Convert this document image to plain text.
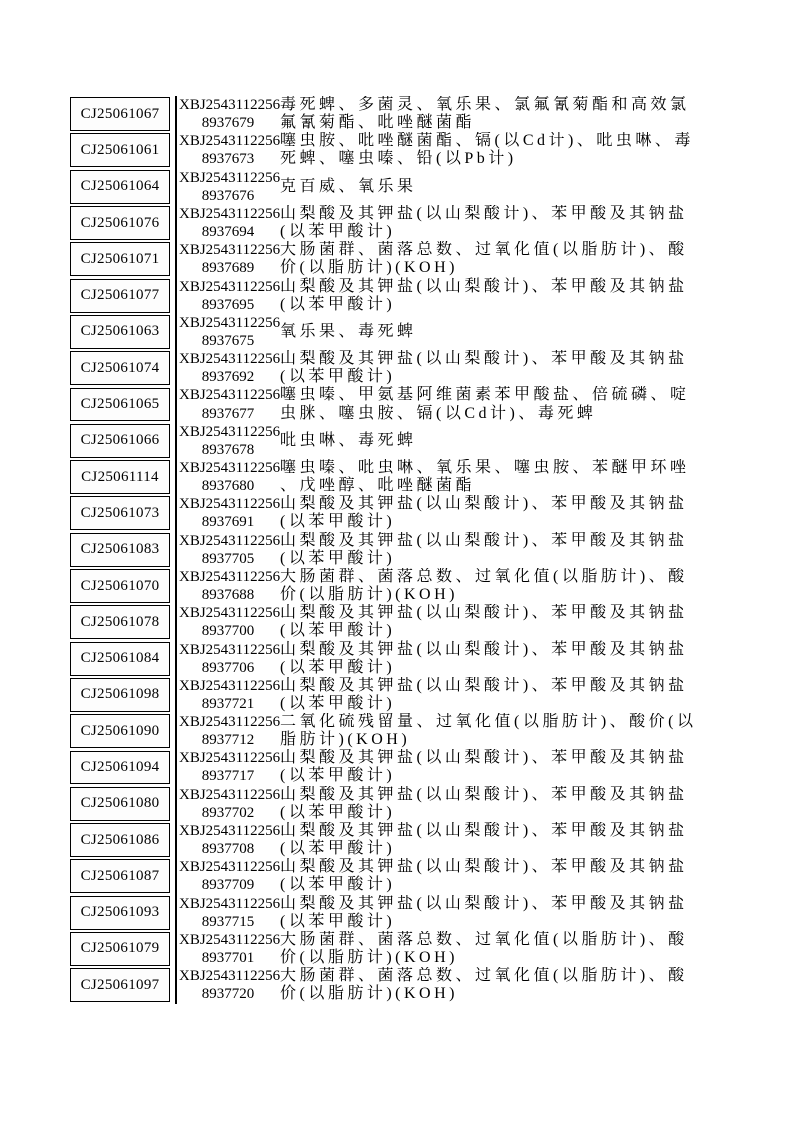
CJ25061067
XBJ2543112256
8937679
毒死蜱、多菌灵、氧乐果、氯氟氰菊酯和高效氯
氟氰菊酯、吡唑醚菌酯
CJ25061061
XBJ2543112256
8937673
噻虫胺、吡唑醚菌酯、镉(以Cd计)、吡虫啉、毒
死蜱、噻虫嗪、铅(以Pb计)
CJ25061064
XBJ2543112256
8937676
克百威、氧乐果
CJ25061076
XBJ2543112256
8937694
山梨酸及其钾盐(以山梨酸计)、苯甲酸及其钠盐
(以苯甲酸计)
CJ25061071
XBJ2543112256
8937689
大肠菌群、菌落总数、过氧化值(以脂肪计)、酸
价(以脂肪计)(KOH)
CJ25061077
XBJ2543112256
8937695
山梨酸及其钾盐(以山梨酸计)、苯甲酸及其钠盐
(以苯甲酸计)
CJ25061063
XBJ2543112256
8937675
氧乐果、毒死蜱
CJ25061074
XBJ2543112256
8937692
山梨酸及其钾盐(以山梨酸计)、苯甲酸及其钠盐
(以苯甲酸计)
CJ25061065
XBJ2543112256
8937677
噻虫嗪、甲氨基阿维菌素苯甲酸盐、倍硫磷、啶
虫脒、噻虫胺、镉(以Cd计)、毒死蜱
CJ25061066
XBJ2543112256
8937678
吡虫啉、毒死蜱
CJ25061114
XBJ2543112256
8937680
噻虫嗪、吡虫啉、氧乐果、噻虫胺、苯醚甲环唑
、戊唑醇、吡唑醚菌酯
CJ25061073
XBJ2543112256
8937691
山梨酸及其钾盐(以山梨酸计)、苯甲酸及其钠盐
(以苯甲酸计)
CJ25061083
XBJ2543112256
8937705
山梨酸及其钾盐(以山梨酸计)、苯甲酸及其钠盐
(以苯甲酸计)
CJ25061070
XBJ2543112256
8937688
大肠菌群、菌落总数、过氧化值(以脂肪计)、酸
价(以脂肪计)(KOH)
CJ25061078
XBJ2543112256
8937700
山梨酸及其钾盐(以山梨酸计)、苯甲酸及其钠盐
(以苯甲酸计)
CJ25061084
XBJ2543112256
8937706
山梨酸及其钾盐(以山梨酸计)、苯甲酸及其钠盐
(以苯甲酸计)
CJ25061098
XBJ2543112256
8937721
山梨酸及其钾盐(以山梨酸计)、苯甲酸及其钠盐
(以苯甲酸计)
CJ25061090
XBJ2543112256
8937712
二氧化硫残留量、过氧化值(以脂肪计)、酸价(以
脂肪计)(KOH)
CJ25061094
XBJ2543112256
8937717
山梨酸及其钾盐(以山梨酸计)、苯甲酸及其钠盐
(以苯甲酸计)
CJ25061080
XBJ2543112256
8937702
山梨酸及其钾盐(以山梨酸计)、苯甲酸及其钠盐
(以苯甲酸计)
CJ25061086
XBJ2543112256
8937708
山梨酸及其钾盐(以山梨酸计)、苯甲酸及其钠盐
(以苯甲酸计)
CJ25061087
XBJ2543112256
8937709
山梨酸及其钾盐(以山梨酸计)、苯甲酸及其钠盐
(以苯甲酸计)
CJ25061093
XBJ2543112256
8937715
山梨酸及其钾盐(以山梨酸计)、苯甲酸及其钠盐
(以苯甲酸计)
CJ25061079
XBJ2543112256
8937701
大肠菌群、菌落总数、过氧化值(以脂肪计)、酸
价(以脂肪计)(KOH)
CJ25061097
XBJ2543112256
8937720
大肠菌群、菌落总数、过氧化值(以脂肪计)、酸
价(以脂肪计)(KOH)
